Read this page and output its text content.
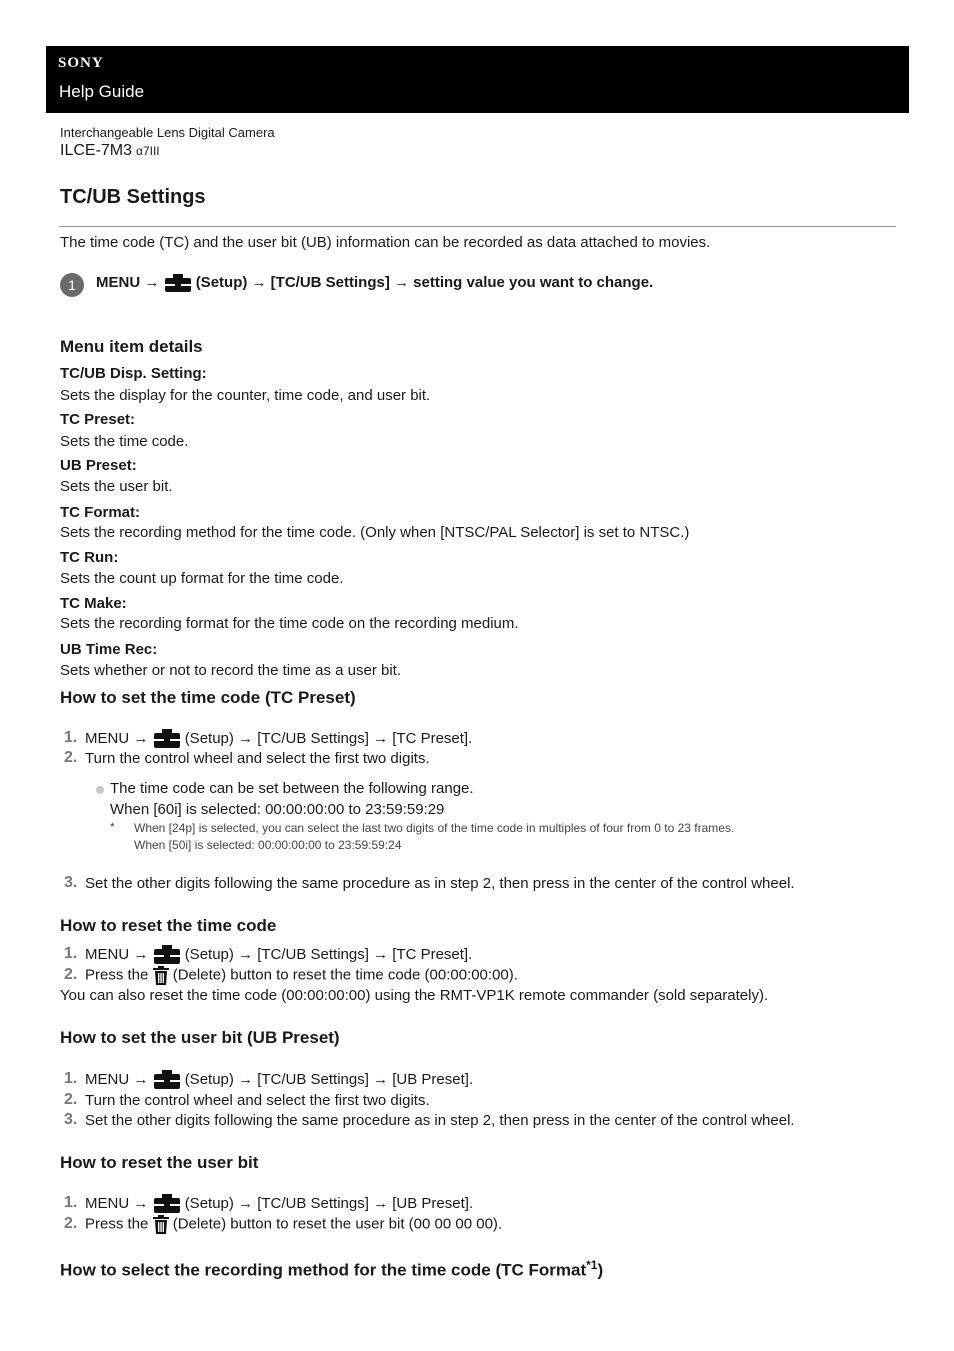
SONY
Help Guide
Interchangeable Lens Digital Camera
ILCE-7M3 α7III
TC/UB Settings
The time code (TC) and the user bit (UB) information can be recorded as data attached to movies.
1	MENU → (Setup) → [TC/UB Settings] → setting value you want to change.
Menu item details
TC/UB Disp. Setting:
Sets the display for the counter, time code, and user bit.
TC Preset:
Sets the time code.
UB Preset:
Sets the user bit.
TC Format:
Sets the recording method for the time code. (Only when [NTSC/PAL Selector] is set to NTSC.)
TC Run:
Sets the count up format for the time code.
TC Make:
Sets the recording format for the time code on the recording medium.
UB Time Rec:
Sets whether or not to record the time as a user bit.
How to set the time code (TC Preset)
1. MENU → (Setup) → [TC/UB Settings] → [TC Preset].
2. Turn the control wheel and select the first two digits.
The time code can be set between the following range.
When [60i] is selected: 00:00:00:00 to 23:59:59:29
* When [24p] is selected, you can select the last two digits of the time code in multiples of four from 0 to 23 frames.
When [50i] is selected: 00:00:00:00 to 23:59:59:24
3. Set the other digits following the same procedure as in step 2, then press in the center of the control wheel.
How to reset the time code
1. MENU → (Setup) → [TC/UB Settings] → [TC Preset].
2. Press the (Delete) button to reset the time code (00:00:00:00).
You can also reset the time code (00:00:00:00) using the RMT-VP1K remote commander (sold separately).
How to set the user bit (UB Preset)
1. MENU → (Setup) → [TC/UB Settings] → [UB Preset].
2. Turn the control wheel and select the first two digits.
3. Set the other digits following the same procedure as in step 2, then press in the center of the control wheel.
How to reset the user bit
1. MENU → (Setup) → [TC/UB Settings] → [UB Preset].
2. Press the (Delete) button to reset the user bit (00 00 00 00).
How to select the recording method for the time code (TC Format$^{*1}$)
